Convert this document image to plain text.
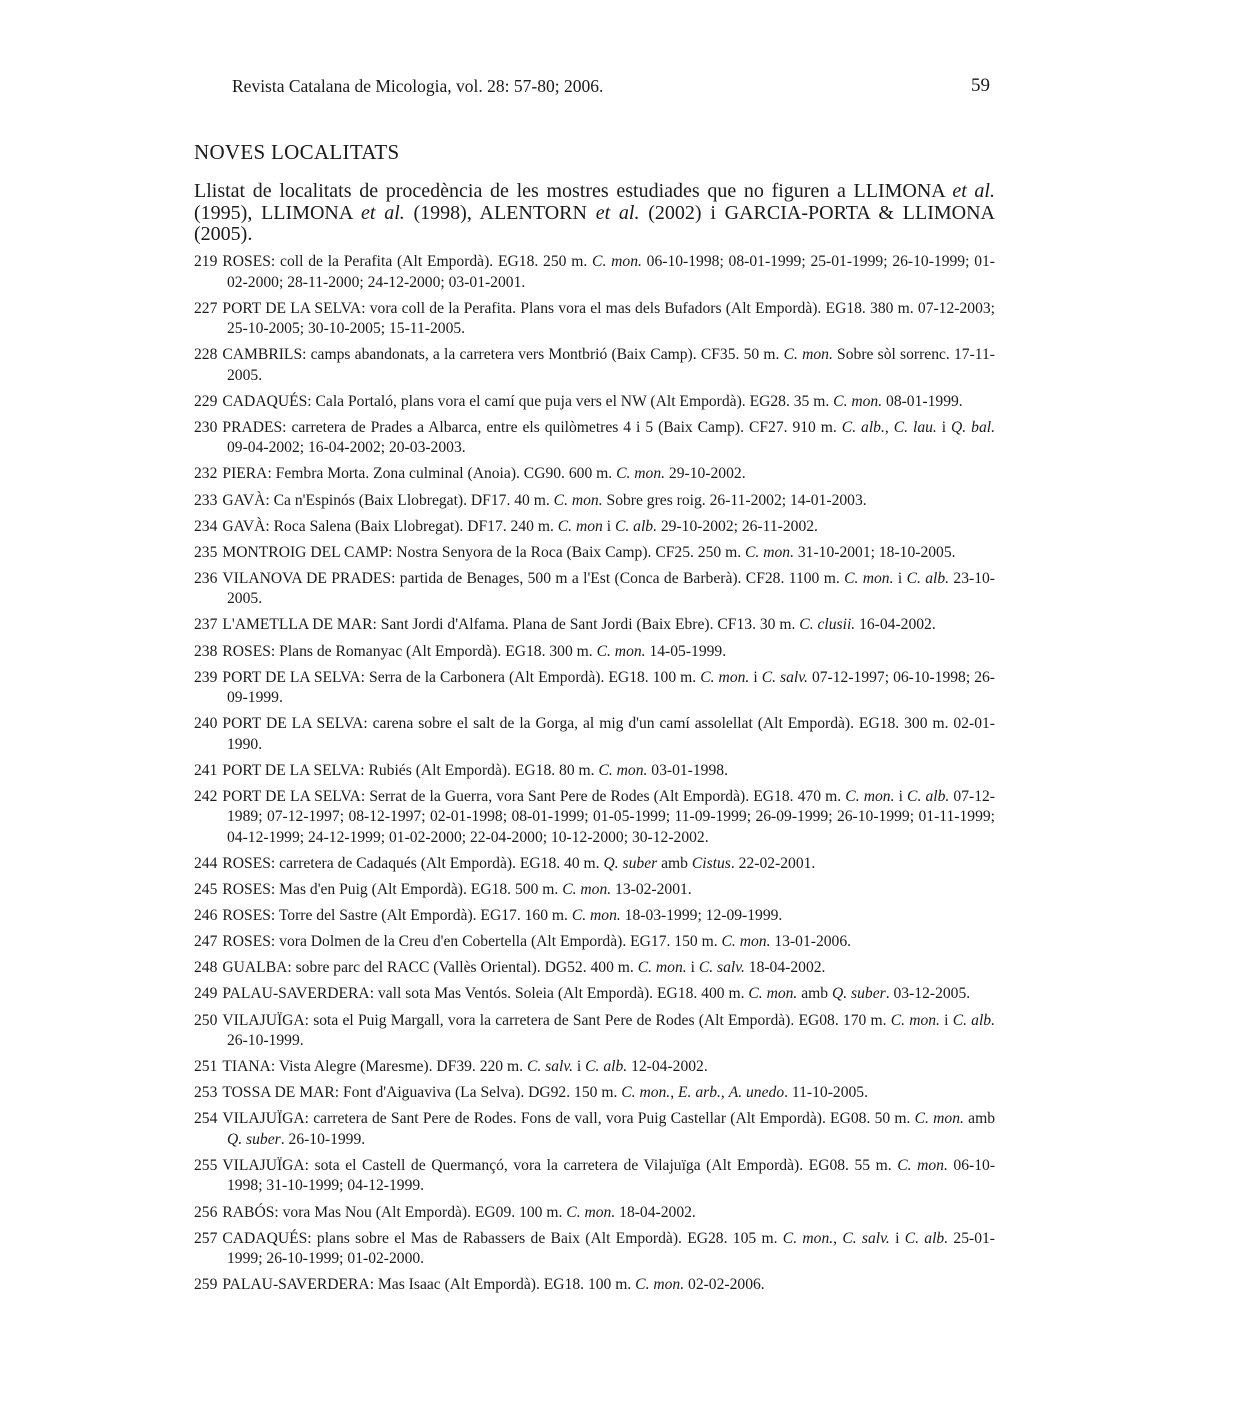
Revista Catalana de Micologia, vol. 28: 57-80; 2006.	59
NOVES LOCALITATS

Llistat de localitats de procedència de les mostres estudiades que no figuren a LLIMONA et al. (1995), LLIMONA et al. (1998), ALENTORN et al. (2002) i GARCIA-PORTA & LLIMONA (2005).

219 ROSES: coll de la Perafita (Alt Empordà). EG18. 250 m. C. mon. 06-10-1998; 08-01-1999; 25-01-1999; 26-10-1999; 01-02-2000; 28-11-2000; 24-12-2000; 03-01-2001.
227 PORT DE LA SELVA: vora coll de la Perafita. Plans vora el mas dels Bufadors (Alt Empordà). EG18. 380 m. 07-12-2003; 25-10-2005; 30-10-2005; 15-11-2005.
228 CAMBRILS: camps abandonats, a la carretera vers Montbrió (Baix Camp). CF35. 50 m. C. mon. Sobre sòl sorrenc. 17-11-2005.
229 CADAQUÉS: Cala Portaló, plans vora el camí que puja vers el NW (Alt Empordà). EG28. 35 m. C. mon. 08-01-1999.
230 PRADES: carretera de Prades a Albarca, entre els quilòmetres 4 i 5 (Baix Camp). CF27. 910 m. C. alb., C. lau. i Q. bal. 09-04-2002; 16-04-2002; 20-03-2003.
232 PIERA: Fembra Morta. Zona culminal (Anoia). CG90. 600 m. C. mon. 29-10-2002.
233 GAVÀ: Ca n'Espinós (Baix Llobregat). DF17. 40 m. C. mon. Sobre gres roig. 26-11-2002; 14-01-2003.
234 GAVÀ: Roca Salena (Baix Llobregat). DF17. 240 m. C. mon i C. alb. 29-10-2002; 26-11-2002.
235 MONTROIG DEL CAMP: Nostra Senyora de la Roca (Baix Camp). CF25. 250 m. C. mon. 31-10-2001; 18-10-2005.
236 VILANOVA DE PRADES: partida de Benages, 500 m a l'Est (Conca de Barberà). CF28. 1100 m. C. mon. i C. alb. 23-10-2005.
237 L'AMETLLA DE MAR: Sant Jordi d'Alfama. Plana de Sant Jordi (Baix Ebre). CF13. 30 m. C. clusii. 16-04-2002.
238 ROSES: Plans de Romanyac (Alt Empordà). EG18. 300 m. C. mon. 14-05-1999.
239 PORT DE LA SELVA: Serra de la Carbonera (Alt Empordà). EG18. 100 m. C. mon. i C. salv. 07-12-1997; 06-10-1998; 26-09-1999.
240 PORT DE LA SELVA: carena sobre el salt de la Gorga, al mig d'un camí assolellat (Alt Empordà). EG18. 300 m. 02-01-1990.
241 PORT DE LA SELVA: Rubiés (Alt Empordà). EG18. 80 m. C. mon. 03-01-1998.
242 PORT DE LA SELVA: Serrat de la Guerra, vora Sant Pere de Rodes (Alt Empordà). EG18. 470 m. C. mon. i C. alb. 07-12-1989; 07-12-1997; 08-12-1997; 02-01-1998; 08-01-1999; 01-05-1999; 11-09-1999; 26-09-1999; 26-10-1999; 01-11-1999; 04-12-1999; 24-12-1999; 01-02-2000; 22-04-2000; 10-12-2000; 30-12-2002.
244 ROSES: carretera de Cadaqués (Alt Empordà). EG18. 40 m. Q. suber amb Cistus. 22-02-2001.
245 ROSES: Mas d'en Puig (Alt Empordà). EG18. 500 m. C. mon. 13-02-2001.
246 ROSES: Torre del Sastre (Alt Empordà). EG17. 160 m. C. mon. 18-03-1999; 12-09-1999.
247 ROSES: vora Dolmen de la Creu d'en Cobertella (Alt Empordà). EG17. 150 m. C. mon. 13-01-2006.
248 GUALBA: sobre parc del RACC (Vallès Oriental). DG52. 400 m. C. mon. i C. salv. 18-04-2002.
249 PALAU-SAVERDERA: vall sota Mas Ventós. Soleia (Alt Empordà). EG18. 400 m. C. mon. amb Q. suber. 03-12-2005.
250 VILAJUÏGA: sota el Puig Margall, vora la carretera de Sant Pere de Rodes (Alt Empordà). EG08. 170 m. C. mon. i C. alb. 26-10-1999.
251 TIANA: Vista Alegre (Maresme). DF39. 220 m. C. salv. i C. alb. 12-04-2002.
253 TOSSA DE MAR: Font d'Aiguaviva (La Selva). DG92. 150 m. C. mon., E. arb., A. unedo. 11-10-2005.
254 VILAJUÏGA: carretera de Sant Pere de Rodes. Fons de vall, vora Puig Castellar (Alt Empordà). EG08. 50 m. C. mon. amb Q. suber. 26-10-1999.
255 VILAJUÏGA: sota el Castell de Quermançó, vora la carretera de Vilajuïga (Alt Empordà). EG08. 55 m. C. mon. 06-10-1998; 31-10-1999; 04-12-1999.
256 RABÓS: vora Mas Nou (Alt Empordà). EG09. 100 m. C. mon. 18-04-2002.
257 CADAQUÉS: plans sobre el Mas de Rabassers de Baix (Alt Empordà). EG28. 105 m. C. mon., C. salv. i C. alb. 25-01-1999; 26-10-1999; 01-02-2000.
259 PALAU-SAVERDERA: Mas Isaac (Alt Empordà). EG18. 100 m. C. mon. 02-02-2006.
